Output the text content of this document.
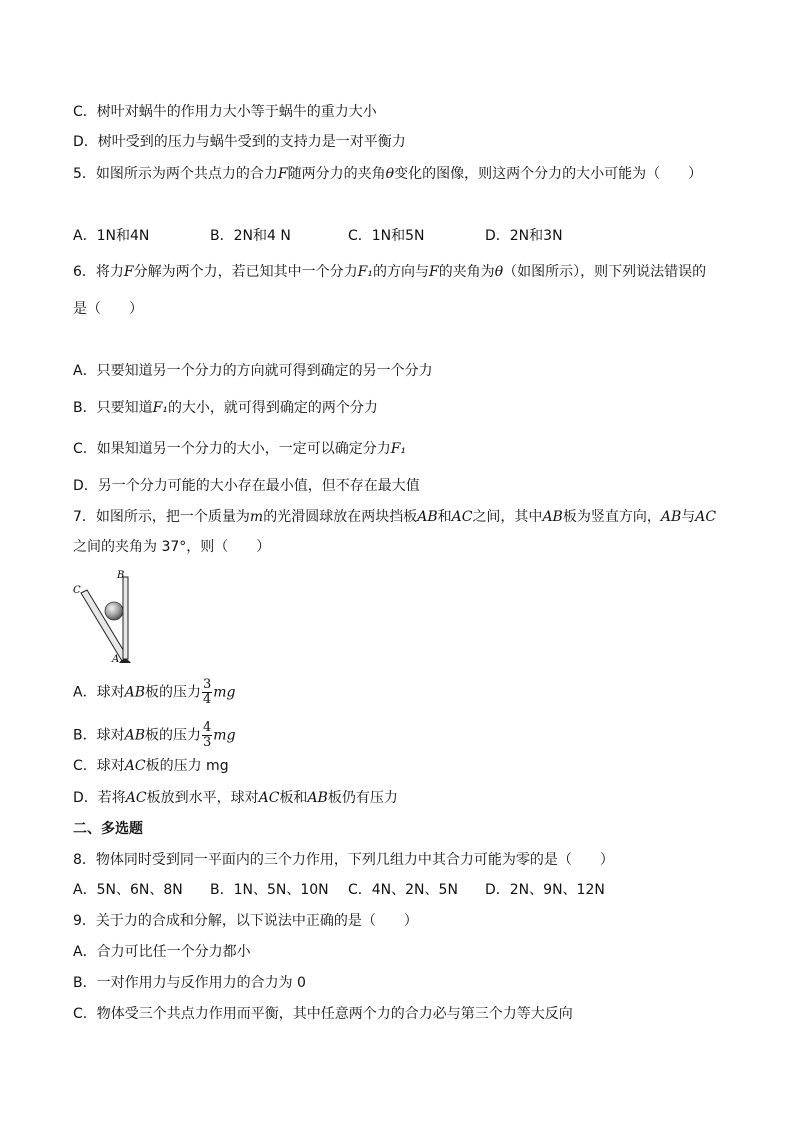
C．树叶对蜗牛的作用力大小等于蜗牛的重力大小
D．树叶受到的压力与蜗牛受到的支持力是一对平衡力
5．如图所示为两个共点力的合力F随两分力的夹角θ变化的图像，则这两个分力的大小可能为（　　）
A．1N和4N	B．2N和4 N	C．1N和5N	D．2N和3N
6．将力F分解为两个力，若已知其中一个分力F₁的方向与F的夹角为θ（如图所示），则下列说法错误的
是（　　）
A．只要知道另一个分力的方向就可得到确定的另一个分力
B．只要知道F₁的大小，就可得到确定的两个分力
C．如果知道另一个分力的大小，一定可以确定分力F₁
D．另一个分力可能的大小存在最小值，但不存在最大值
7．如图所示，把一个质量为m的光滑圆球放在两块挡板AB和AC之间，其中AB板为竖直方向，AB与AC
之间的夹角为 37°，则（　　）
B
C
A
A．球对AB板的压力 $\frac{3}{4}$ mg
B．球对AB板的压力 $\frac{4}{3}$ mg
C．球对AC板的压力 mg
D．若将AC板放到水平，球对AC板和AB板仍有压力
二、多选题
8．物体同时受到同一平面内的三个力作用，下列几组力中其合力可能为零的是（　　）
A．5N、6N、8N B．1N、5N、10N C．4N、2N、5N D．2N、9N、12N
9．关于力的合成和分解，以下说法中正确的是（　　）
A．合力可比任一个分力都小
B．一对作用力与反作用力的合力为 0
C．物体受三个共点力作用而平衡，其中任意两个力的合力必与第三个力等大反向
